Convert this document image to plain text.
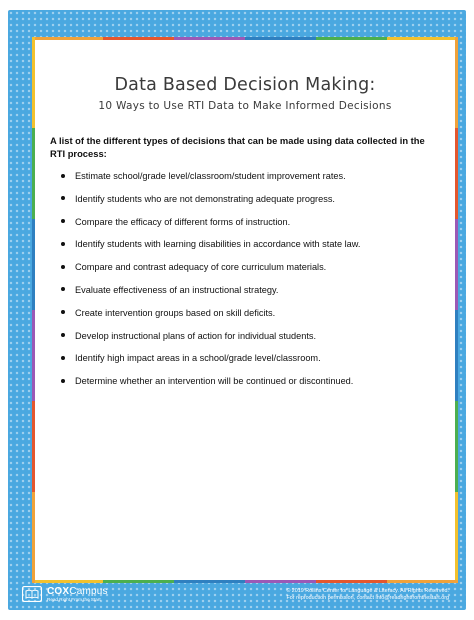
Data Based Decision Making:
10 Ways to Use RTI Data to Make Informed Decisions
A list of the different types of decisions that can be made using data collected in the RTI process:
Estimate school/grade level/classroom/student improvement rates.
Identify students who are not demonstrating adequate progress.
Compare the efficacy of different forms of instruction.
Identify students with learning disabilities in accordance with state law.
Compare and contrast adequacy of core curriculum materials.
Evaluate effectiveness of an instructional strategy.
Create intervention groups based on skill deficits.
Develop instructional plans of action for individual students.
Identify high impact areas in a school/grade level/classroom.
Determine whether an intervention will be continued or discontinued.
COXCampus
Read Right From the Start
© 2019 Rollins Center for Language & Literacy. All Rights Reserved.
For reproduction permission, contact info@readrightfromthestart.org
